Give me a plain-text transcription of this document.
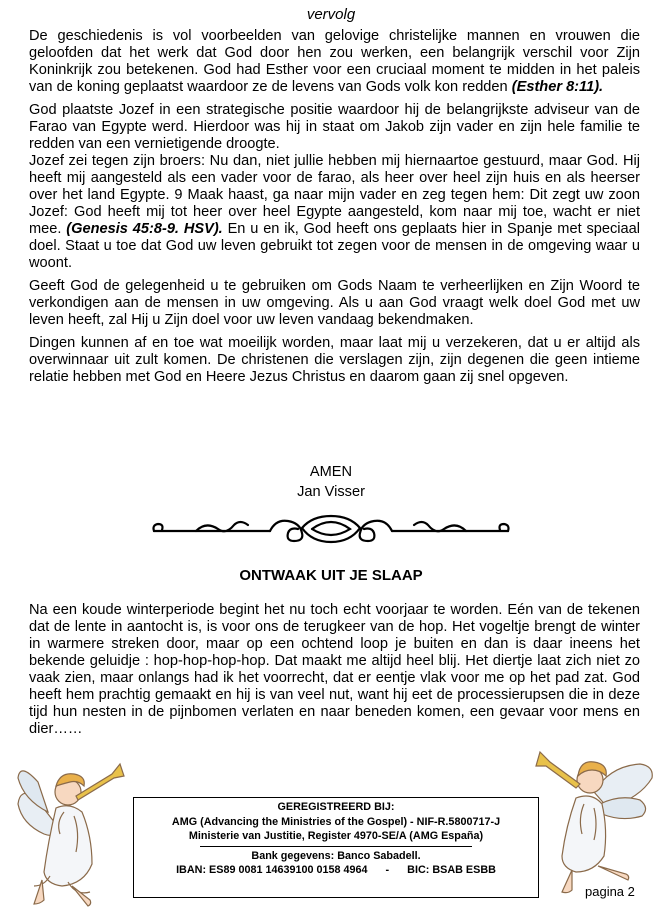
vervolg

De geschiedenis is vol voorbeelden van gelovige christelijke mannen en vrouwen die geloofden dat het werk dat God door hen zou werken, een belangrijk verschil voor Zijn Koninkrijk zou betekenen. God had Esther voor een cruciaal moment te midden in het paleis van de koning geplaatst waardoor ze de levens van Gods volk kon redden (Esther 8:11).

God plaatste Jozef in een strategische positie waardoor hij de belangrijkste adviseur van de Farao van Egypte werd. Hierdoor was hij in staat om Jakob zijn vader en zijn hele familie te redden van een vernietigende droogte.

Jozef zei tegen zijn broers: Nu dan, niet jullie hebben mij hiernaartoe gestuurd, maar God. Hij heeft mij aangesteld als een vader voor de farao, als heer over heel zijn huis en als heerser over het land Egypte. 9 Maak haast, ga naar mijn vader en zeg tegen hem: Dit zegt uw zoon Jozef: God heeft mij tot heer over heel Egypte aangesteld, kom naar mij toe, wacht er niet mee. (Genesis 45:8-9. HSV). En u en ik, God heeft ons geplaats hier in Spanje met speciaal doel. Staat u toe dat God uw leven gebruikt tot zegen voor de mensen in de omgeving waar u woont.

Geeft God de gelegenheid u te gebruiken om Gods Naam te verheerlijken en Zijn Woord te verkondigen aan de mensen in uw omgeving. Als u aan God vraagt welk doel God met uw leven heeft, zal Hij u Zijn doel voor uw leven vandaag bekendmaken.

Dingen kunnen af en toe wat moeilijk worden, maar laat mij u verzekeren, dat u er altijd als overwinnaar uit zult komen. De christenen die verslagen zijn, zijn degenen die geen intieme relatie hebben met God en Heere Jezus Christus en daarom gaan zij snel opgeven.

AMEN
Jan Visser
ONTWAAK UIT JE SLAAP

Na een koude winterperiode begint het nu toch echt voorjaar te worden. Eén van de tekenen dat de lente in aantocht is, is voor ons de terugkeer van de hop. Het vogeltje brengt de winter in warmere streken door, maar op een ochtend loop je buiten en dan is daar ineens het bekende geluidje : hop-hop-hop-hop. Dat maakt me altijd heel blij. Het diertje laat zich niet zo vaak zien, maar onlangs had ik het voorrecht, dat er eentje vlak voor me op het pad zat. God heeft hem prachtig gemaakt en hij is van veel nut, want hij eet de processierupsen die in deze tijd hun nesten in de pijnbomen verlaten en naar beneden komen, een gevaar voor mens en dier……

GEREGISTREERD BIJ:
AMG (Advancing the Ministries of the Gospel) - NIF-R.5800717-J
Ministerie van Justitie, Register 4970-SE/A (AMG España)
Bank gegevens: Banco Sabadell.
IBAN: ES89 0081 14639100 0158 4964      -      BIC: BSAB ESBB
pagina 2
